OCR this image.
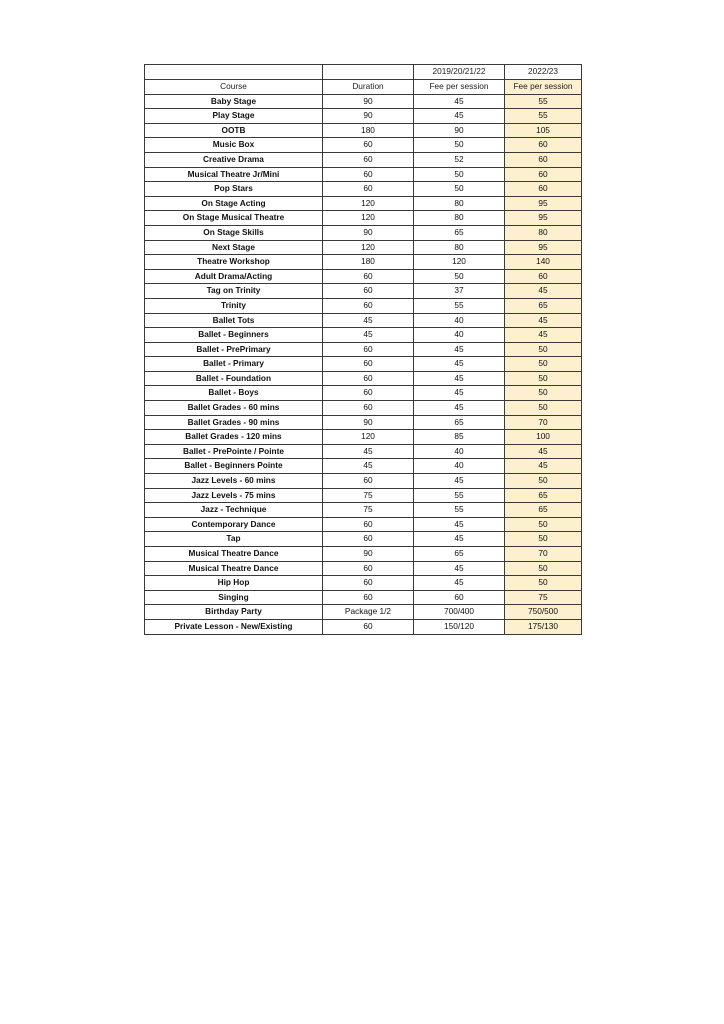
		2019/20/21/22	2022/23
Course	Duration	Fee per session	Fee per session
Baby Stage	90	45	55
Play Stage	90	45	55
OOTB	180	90	105
Music Box	60	50	60
Creative Drama	60	52	60
Musical Theatre Jr/Mini	60	50	60
Pop Stars	60	50	60
On Stage Acting	120	80	95
On Stage Musical Theatre	120	80	95
On Stage Skills	90	65	80
Next Stage	120	80	95
Theatre Workshop	180	120	140
Adult Drama/Acting	60	50	60
Tag on Trinity	60	37	45
Trinity	60	55	65
Ballet Tots	45	40	45
Ballet - Beginners	45	40	45
Ballet - PrePrimary	60	45	50
Ballet - Primary	60	45	50
Ballet - Foundation	60	45	50
Ballet - Boys	60	45	50
Ballet Grades - 60 mins	60	45	50
Ballet Grades - 90 mins	90	65	70
Ballet Grades - 120 mins	120	85	100
Ballet - PrePointe / Pointe	45	40	45
Ballet - Beginners Pointe	45	40	45
Jazz Levels - 60 mins	60	45	50
Jazz Levels - 75 mins	75	55	65
Jazz - Technique	75	55	65
Contemporary Dance	60	45	50
Tap	60	45	50
Musical Theatre Dance	90	65	70
Musical Theatre Dance	60	45	50
Hip Hop	60	45	50
Singing	60	60	75
Birthday Party	Package 1/2	700/400	750/500
Private Lesson - New/Existing	60	150/120	175/130
